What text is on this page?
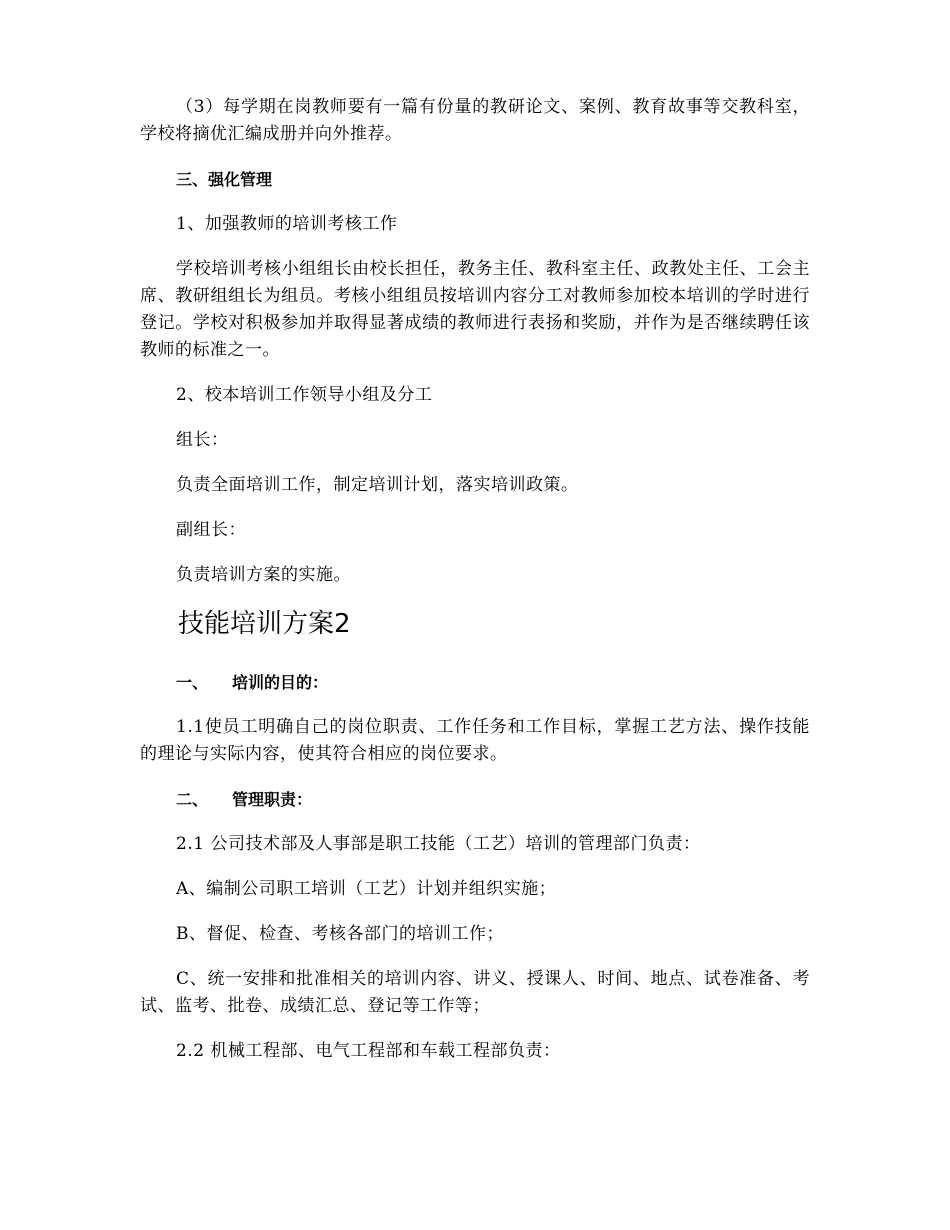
（3）每学期在岗教师要有一篇有份量的教研论文、案例、教育故事等交教科室，学校将摘优汇编成册并向外推荐。

三、强化管理

1、加强教师的培训考核工作

学校培训考核小组组长由校长担任，教务主任、教科室主任、政教处主任、工会主席、教研组组长为组员。考核小组组员按培训内容分工对教师参加校本培训的学时进行登记。学校对积极参加并取得显著成绩的教师进行表扬和奖励，并作为是否继续聘任该教师的标准之一。

2、校本培训工作领导小组及分工

组长：

负责全面培训工作，制定培训计划，落实培训政策。

副组长：

负责培训方案的实施。

技能培训方案2

一、 培训的目的：

1.1使员工明确自己的岗位职责、工作任务和工作目标，掌握工艺方法、操作技能的理论与实际内容，使其符合相应的岗位要求。

二、 管理职责：

2.1 公司技术部及人事部是职工技能（工艺）培训的管理部门负责：

A、编制公司职工培训（工艺）计划并组织实施；

B、督促、检查、考核各部门的培训工作；

C、统一安排和批准相关的培训内容、讲义、授课人、时间、地点、试卷准备、考试、监考、批卷、成绩汇总、登记等工作等；

2.2 机械工程部、电气工程部和车载工程部负责：
